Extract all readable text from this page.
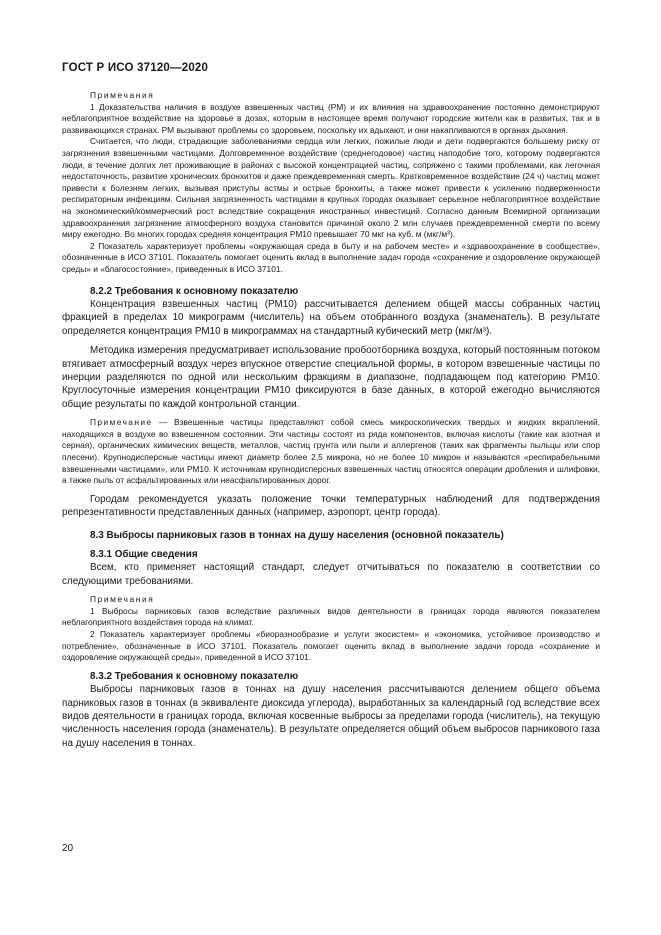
ГОСТ Р ИСО 37120—2020

Примечания

1 Доказательства наличия в воздухе взвешенных частиц (РМ) и их влияния на здравоохранение постоянно демонстрируют неблагоприятное воздействие на здоровье в дозах, которым в настоящее время получают городские жители как в развитых, так и в развивающихся странах. РМ вызывают проблемы со здоровьем, поскольку их вдыхают, и они накапливаются в органах дыхания.

Считается, что люди, страдающие заболеваниями сердца или легких, пожилые люди и дети подвергаются большему риску от загрязнения взвешенными частицами. Долговременное воздействие (среднегодовое) частиц наподобие того, которому подвергаются люди, в течение долгих лет проживающие в районах с высокой концентрацией частиц, сопряжено с такими проблемами, как легочная недостаточность, развитие хронических бронхитов и даже преждевременная смерть. Кратковременное воздействие (24 ч) частиц может привести к болезням легких, вызывая приступы астмы и острые бронхиты, а также может привести к усилению подверженности респираторным инфекциям. Сильная загрязненность частицами в крупных городах оказывает серьезное неблагоприятное воздействие на экономический/коммерческий рост вследствие сокращения иностранных инвестиций. Согласно данным Всемирной организации здравоохранения загрязнение атмосферного воздуха становится причиной около 2 млн случаев преждевременной смерти по всему миру ежегодно. Во многих городах средняя концентрация РМ10 превышает 70 мкг на куб. м (мкг/м³).

2 Показатель характеризует проблемы «окружающая среда в быту и на рабочем месте» и «здравоохранение в сообществе», обозначенные в ИСО 37101. Показатель помогает оценить вклад в выполнение задач города «сохранение и оздоровление окружающей среды» и «благосостояние», приведенных в ИСО 37101.

8.2.2 Требования к основному показателю

Концентрация взвешенных частиц (РМ10) рассчитывается делением общей массы собранных частиц фракцией в пределах 10 микрограмм (числитель) на объем отобранного воздуха (знаменатель). В результате определяется концентрация РМ10 в микрограммах на стандартный кубический метр (мкг/м³).

Методика измерения предусматривает использование пробоотборника воздуха, который постоянным потоком втягивает атмосферный воздух через впускное отверстие специальной формы, в котором взвешенные частицы по инерции разделяются по одной или нескольким фракциям в диапазоне, подпадающем под категорию РМ10. Круглосуточные измерения концентрации РМ10 фиксируются в базе данных, в которой ежегодно вычисляются общие результаты по каждой контрольной станции.

Примечание — Взвешенные частицы представляют собой смесь микроскопических твердых и жидких вкраплений, находящихся в воздухе во взвешенном состоянии. Эти частицы состоят из ряда компонентов, включая кислоты (такие как азотная и серная), органических химических веществ, металлов, частиц грунта или пыли и аллергенов (таких как фрагменты пыльцы или спор плесени). Крупнодисперсные частицы имеют диаметр более 2,5 микрона, но не более 10 микрон и называются «респирабельными взвешенными частицами», или РМ10. К источникам крупнодисперсных взвешенных частиц относятся операции дробления и шлифовки, а также пыль от асфальтированных или неасфальтированных дорог.

Городам рекомендуется указать положение точки температурных наблюдений для подтверждения репрезентативности представленных данных (например, аэропорт, центр города).

8.3 Выбросы парниковых газов в тоннах на душу населения (основной показатель)

8.3.1 Общие сведения

Всем, кто применяет настоящий стандарт, следует отчитываться по показателю в соответствии со следующими требованиями.

Примечания

1 Выбросы парниковых газов вследствие различных видов деятельности в границах города являются показателем неблагоприятного воздействия города на климат.

2 Показатель характеризует проблемы «биоразнообразие и услуги экосистем» и «экономика, устойчивое производство и потребление», обозначенные в ИСО 37101. Показатель помогает оценить вклад в выполнение задачи города «сохранение и оздоровление окружающей среды», приведенной в ИСО 37101.

8.3.2 Требования к основному показателю

Выбросы парниковых газов в тоннах на душу населения рассчитываются делением общего объема парниковых газов в тоннах (в эквиваленте диоксида углерода), выработанных за календарный год вследствие всех видов деятельности в границах города, включая косвенные выбросы за пределами города (числитель), на текущую численность населения города (знаменатель). В результате определяется общий объем выбросов парникового газа на душу населения в тоннах.

20
